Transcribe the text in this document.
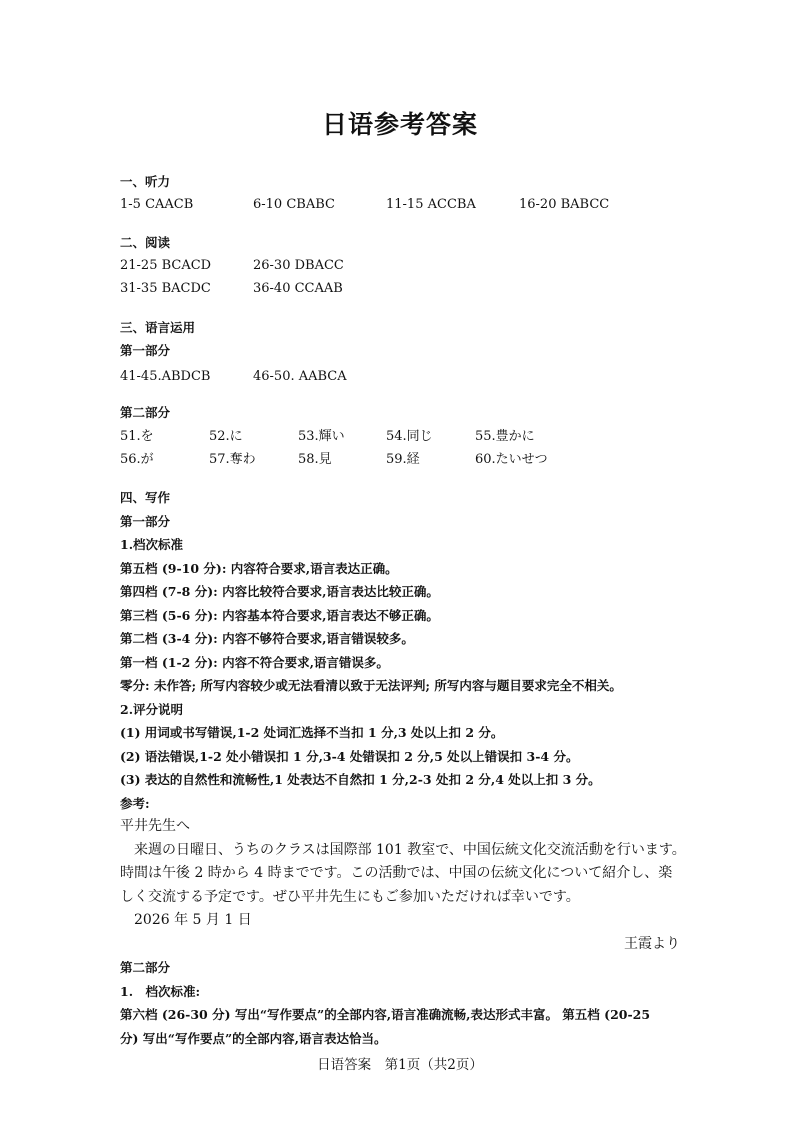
日语参考答案
一、听力
1-5 CAACB	6-10 CBABC	11-15 ACCBA	16-20 BABCC
二、阅读
21-25 BCACD	26-30 DBACC
31-35 BACDC	36-40 CCAAB
三、语言运用
第一部分
41-45.ABDCB	46-50. AABCA
第二部分
51.を	52.に	53.輝い	54.同じ	55.豊かに
56.が	57.奪わ	58.見	59.経	60.たいせつ
四、写作
第一部分
1.档次标准
第五档 (9-10 分): 内容符合要求,语言表达正确。
第四档 (7-8 分): 内容比较符合要求,语言表达比较正确。
第三档 (5-6 分): 内容基本符合要求,语言表达不够正确。
第二档 (3-4 分): 内容不够符合要求,语言错误较多。
第一档 (1-2 分): 内容不符合要求,语言错误多。
零分: 未作答; 所写内容较少或无法看清以致于无法评判; 所写内容与题目要求完全不相关。
2.评分说明
(1) 用词或书写错误,1-2 处词汇选择不当扣 1 分,3 处以上扣 2 分。
(2) 语法错误,1-2 处小错误扣 1 分,3-4 处错误扣 2 分,5 处以上错误扣 3-4 分。
(3) 表达的自然性和流畅性,1 处表达不自然扣 1 分,2-3 处扣 2 分,4 处以上扣 3 分。
参考:
平井先生へ
来週の日曜日、うちのクラスは国際部 101 教室で、中国伝統文化交流活動を行います。
時間は午後 2 時から 4 時までです。この活動では、中国の伝統文化について紹介し、楽
しく交流する予定です。ぜひ平井先生にもご参加いただければ幸いです。
2026 年 5 月 1 日
王霞より
第二部分
1.　档次标准:
第六档 (26-30 分) 写出“写作要点”的全部内容,语言准确流畅,表达形式丰富。 第五档 (20-25
分) 写出“写作要点”的全部内容,语言表达恰当。
日语答案　第1页（共2页）
